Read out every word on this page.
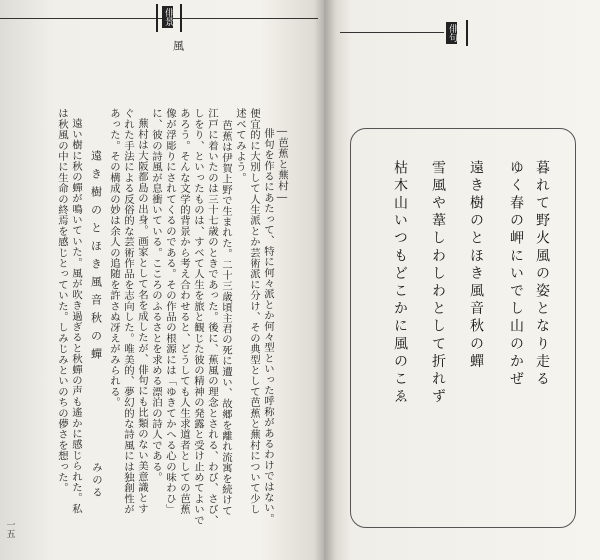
俳景
俳句
風
―芭蕉と蕪村―
俳句を作るにあたって、特に何々派とか何々型といった呼称があるわけではない。
便宜的に大別して人生派とか芸術派に分け、その典型として芭蕉と蕪村について少し
述べてみよう。
芭蕉は伊賀上野で生まれた。二十三歳頃主君の死に遭い、故郷を離れ流寓を続けて
江戸に着いたのは三十七歳のときであった。後に、蕉風の理念とされる、わび、さび、
しをり、といったものは、すべて人生を旅と観じた彼の精神の発露と受け止めてよいで
あろう。そんな文学的背景から考え合わせると、どうしても人生求道者としての芭蕉
像が浮彫りにされてくるのである。その作品の根源には「ゆきてかへる心の味わひ」
に、彼の詩風が息衝いている。こころのふるさとを求める漂泊の詩人である。
蕪村は大阪都島の出身。画家として名を成したが、俳句にも比類のない美意識とす
ぐれた手法による反俗的な芸術作品を志向した。唯美的、夢幻的な詩風には独創性が
あった。その構成の妙は余人の追随を許さぬ冴えがみられる。
遠き樹のとほき風音秋の蟬
みのる
遠い樹に秋の蟬が鳴いていた。風が吹き過ぎると秋蟬の声も遙かに感じられた。私
は秋風の中に生命の終焉を感じとっていた。しみじみといのちの儚さを想った。
一五
暮れて野火風の姿となり走る
ゆく春の岬にいでし山のかぜ
遠き樹のとほき風音秋の蟬
雪風や葦しわしわとして折れず
枯木山いつもどこかに風のこゑ
